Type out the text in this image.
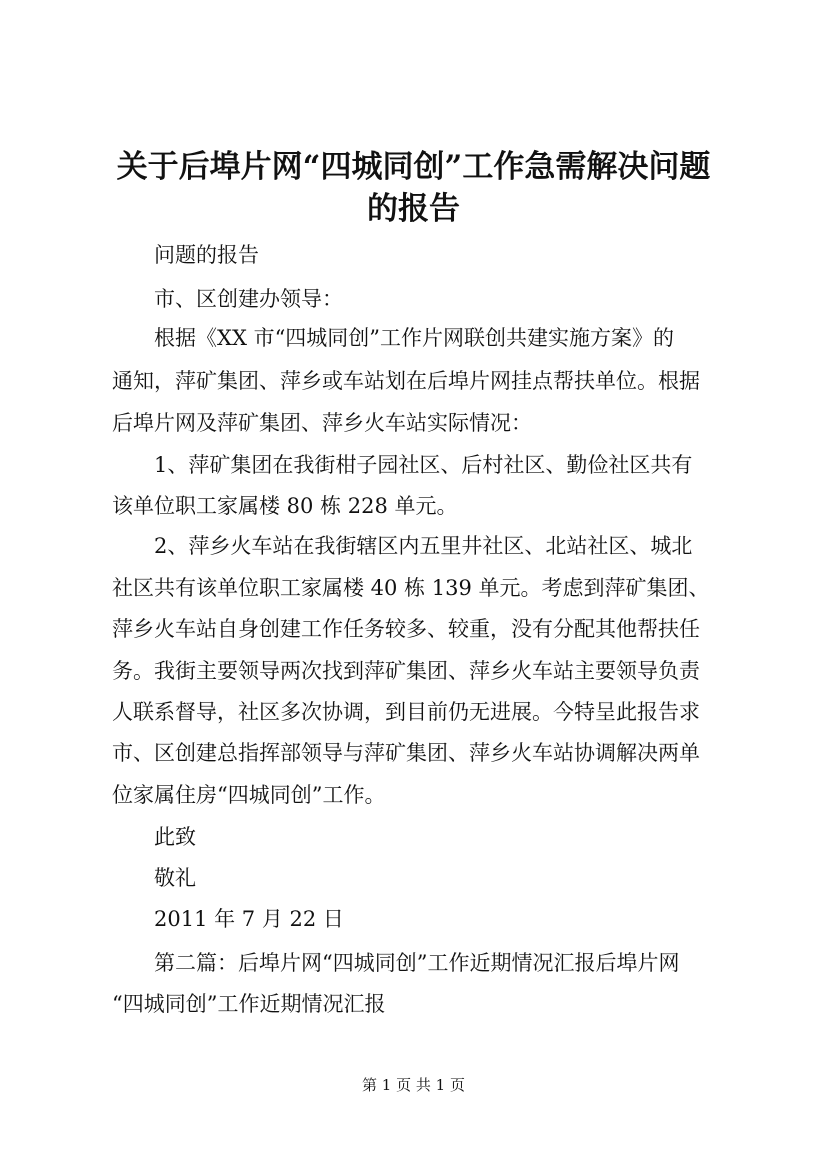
关于后埠片网“四城同创”工作急需解决问题
的报告

问题的报告

市、区创建办领导：

根据《XX 市“四城同创”工作片网联创共建实施方案》的

通知，萍矿集团、萍乡或车站划在后埠片网挂点帮扶单位。根据

后埠片网及萍矿集团、萍乡火车站实际情况：

1、萍矿集团在我街柑子园社区、后村社区、勤俭社区共有

该单位职工家属楼 80 栋 228 单元。

2、萍乡火车站在我街辖区内五里井社区、北站社区、城北

社区共有该单位职工家属楼 40 栋 139 单元。考虑到萍矿集团、

萍乡火车站自身创建工作任务较多、较重，没有分配其他帮扶任

务。我街主要领导两次找到萍矿集团、萍乡火车站主要领导负责

人联系督导，社区多次协调，到目前仍无进展。今特呈此报告求

市、区创建总指挥部领导与萍矿集团、萍乡火车站协调解决两单

位家属住房“四城同创”工作。

此致

敬礼

2011 年 7 月 22 日

第二篇：后埠片网“四城同创”工作近期情况汇报后埠片网

“四城同创”工作近期情况汇报

第 1 页 共 1 页
